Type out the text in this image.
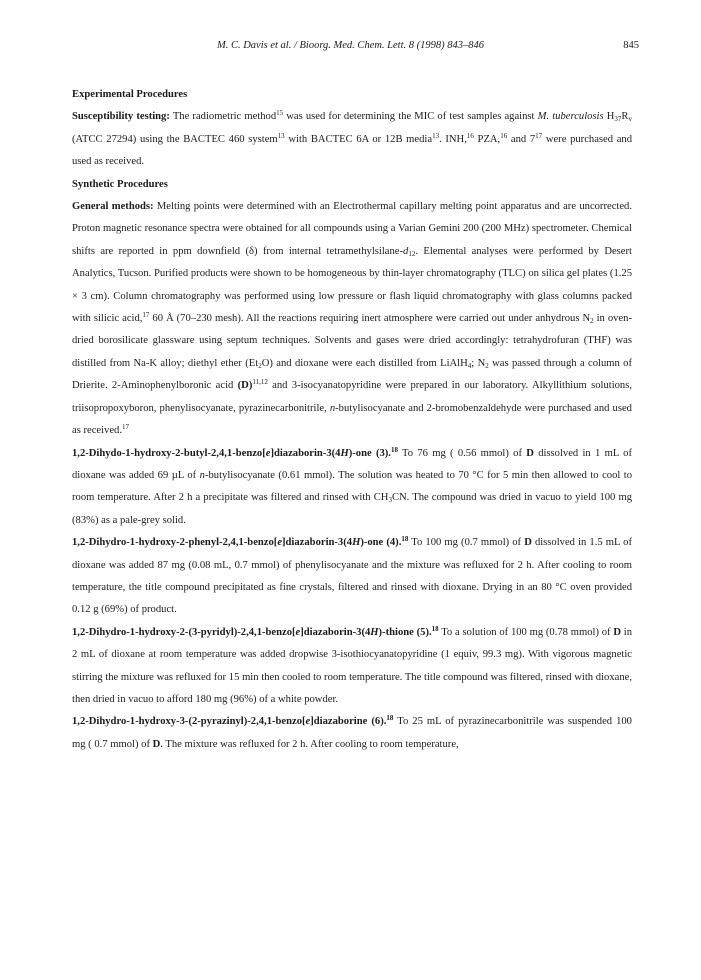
M. C. Davis et al. / Bioorg. Med. Chem. Lett. 8 (1998) 843–846	845

Experimental Procedures

Susceptibility testing: The radiometric method$^{15}$ was used for determining the MIC of test samples against M. tuberculosis $H_{37}R_v$ (ATCC 27294) using the BACTEC 460 system$^{13}$ with BACTEC 6A or 12B media$^{13}$. INH,$^{16}$ PZA,$^{16}$ and $7^{17}$ were purchased and used as received.

Synthetic Procedures

General methods: Melting points were determined with an Electrothermal capillary melting point apparatus and are uncorrected. Proton magnetic resonance spectra were obtained for all compounds using a Varian Gemini 200 (200 MHz) spectrometer. Chemical shifts are reported in ppm downfield (δ) from internal tetramethylsilane-$d_{12}$. Elemental analyses were performed by Desert Analytics, Tucson. Purified products were shown to be homogeneous by thin-layer chromatography (TLC) on silica gel plates (1.25 × 3 cm). Column chromatography was performed using low pressure or flash liquid chromatography with glass columns packed with silicic acid,$^{17}$ 60 Å (70–230 mesh). All the reactions requiring inert atmosphere were carried out under anhydrous $N_2$ in oven-dried borosilicate glassware using septum techniques. Solvents and gases were dried accordingly: tetrahydrofuran (THF) was distilled from Na-K alloy; diethyl ether $(Et_2O)$ and dioxane were each distilled from LiAlH$_4$; $N_2$ was passed through a column of Drierite. 2-Aminophenylboronic acid $(D)^{11,12}$ and 3-isocyanatopyridine were prepared in our laboratory. Alkyllithium solutions, triisopropoxyboron, phenylisocyanate, pyrazinecarbonitrile, n-butylisocyanate and 2-bromobenzaldehyde were purchased and used as received.$^{17}$

1,2-Dihydo-1-hydroxy-2-butyl-2,4,1-benzo[e]diazaborin-3(4H)-one (3).$^{18}$ To 76 mg ( 0.56 mmol) of D dissolved in 1 mL of dioxane was added 69 µL of n-butylisocyanate (0.61 mmol). The solution was heated to 70 °C for 5 min then allowed to cool to room temperature. After 2 h a precipitate was filtered and rinsed with $CH_3CN$. The compound was dried in vacuo to yield 100 mg (83%) as a pale-grey solid.

1,2-Dihydro-1-hydroxy-2-phenyl-2,4,1-benzo[e]diazaborin-3(4H)-one (4).$^{18}$ To 100 mg (0.7 mmol) of D dissolved in 1.5 mL of dioxane was added 87 mg (0.08 mL, 0.7 mmol) of phenylisocyanate and the mixture was refluxed for 2 h. After cooling to room temperature, the title compound precipitated as fine crystals, filtered and rinsed with dioxane. Drying in an 80 °C oven provided 0.12 g (69%) of product.

1,2-Dihydro-1-hydroxy-2-(3-pyridyl)-2,4,1-benzo[e]diazaborin-3(4H)-thione (5).$^{18}$ To a solution of 100 mg (0.78 mmol) of D in 2 mL of dioxane at room temperature was added dropwise 3-isothiocyanatopyridine (1 equiv, 99.3 mg). With vigorous magnetic stirring the mixture was refluxed for 15 min then cooled to room temperature. The title compound was filtered, rinsed with dioxane, then dried in vacuo to afford 180 mg (96%) of a white powder.

1,2-Dihydro-1-hydroxy-3-(2-pyrazinyl)-2,4,1-benzo[e]diazaborine (6).$^{18}$ To 25 mL of pyrazinecarbonitrile was suspended 100 mg ( 0.7 mmol) of D. The mixture was refluxed for 2 h. After cooling to room temperature,
